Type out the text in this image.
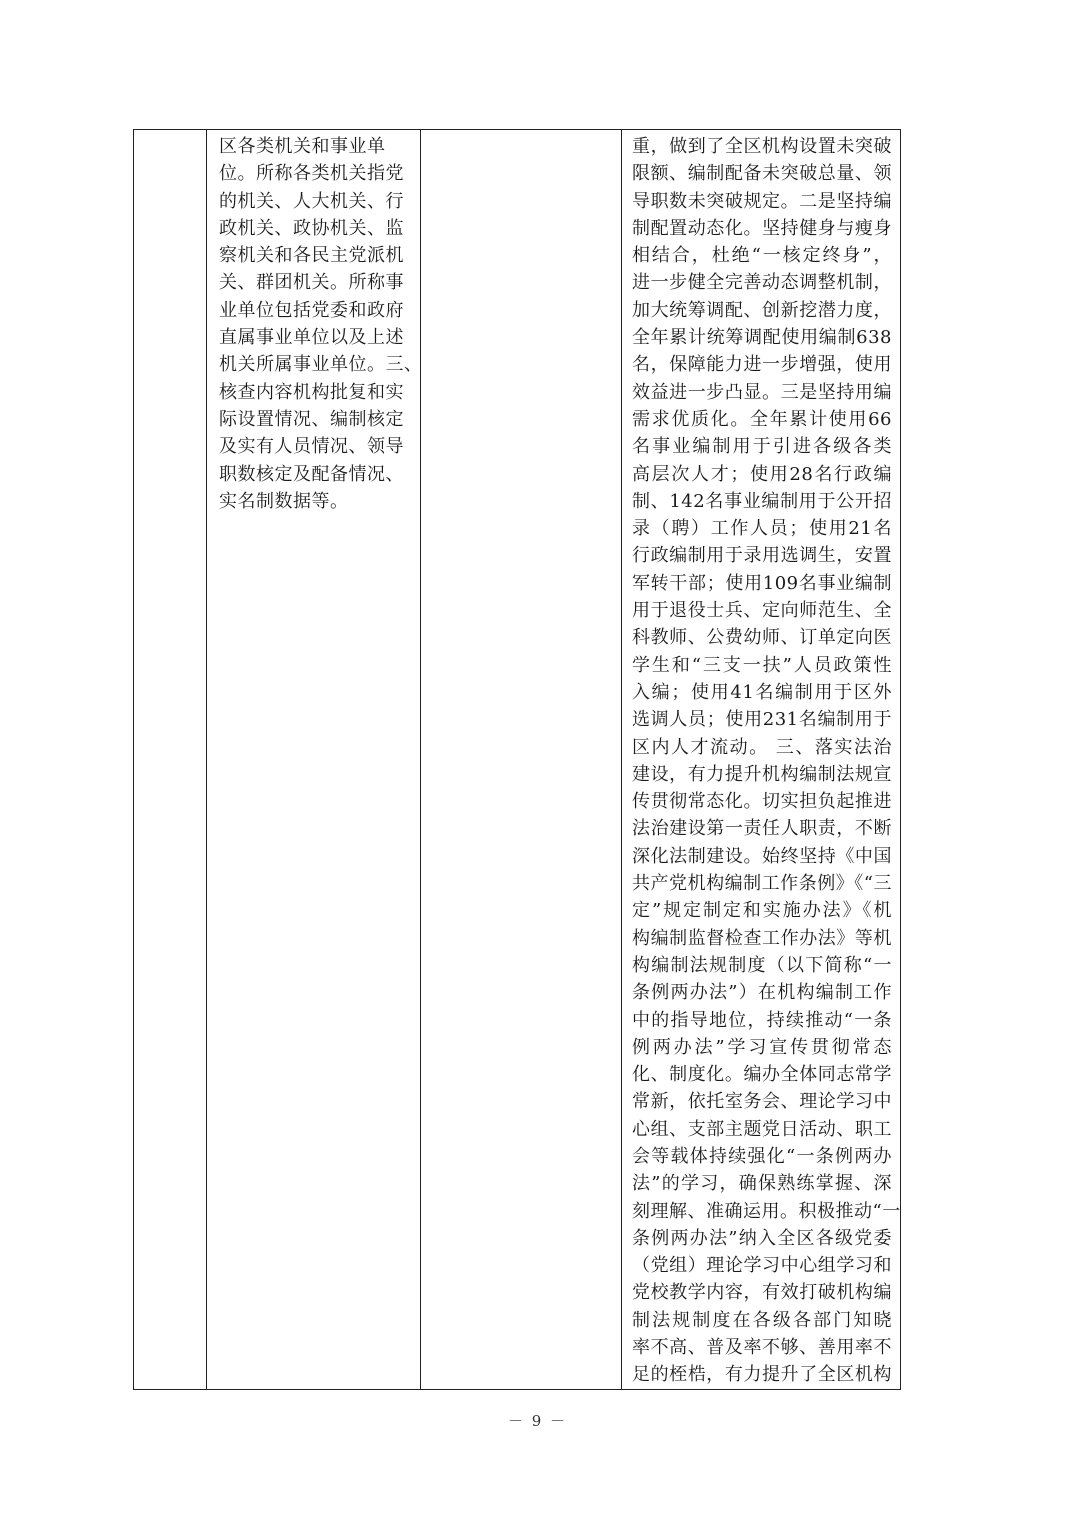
区各类机关和事业单
位。所称各类机关指党
的机关、人大机关、行
政机关、政协机关、监
察机关和各民主党派机
关、群团机关。所称事
业单位包括党委和政府
直属事业单位以及上述
机关所属事业单位。三、
核查内容机构批复和实
际设置情况、编制核定
及实有人员情况、领导
职数核定及配备情况、
实名制数据等。

重，做到了全区机构设置未突破
限额、编制配备未突破总量、领
导职数未突破规定。二是坚持编
制配置动态化。坚持健身与瘦身
相结合，杜绝“一核定终身”，
进一步健全完善动态调整机制，
加大统筹调配、创新挖潜力度，
全年累计统筹调配使用编制638
名，保障能力进一步增强，使用
效益进一步凸显。三是坚持用编
需求优质化。全年累计使用66
名事业编制用于引进各级各类
高层次人才；使用28名行政编
制、142名事业编制用于公开招
录（聘）工作人员；使用21名
行政编制用于录用选调生，安置
军转干部；使用109名事业编制
用于退役士兵、定向师范生、全
科教师、公费幼师、订单定向医
学生和“三支一扶”人员政策性
入编；使用41名编制用于区外
选调人员；使用231名编制用于
区内人才流动。 三、落实法治
建设，有力提升机构编制法规宣
传贯彻常态化。切实担负起推进
法治建设第一责任人职责，不断
深化法制建设。始终坚持《中国
共产党机构编制工作条例》《“三
定”规定制定和实施办法》《机
构编制监督检查工作办法》等机
构编制法规制度（以下简称“一
条例两办法”）在机构编制工作
中的指导地位，持续推动“一条
例两办法”学习宣传贯彻常态
化、制度化。编办全体同志常学
常新，依托室务会、理论学习中
心组、支部主题党日活动、职工
会等载体持续强化“一条例两办
法”的学习，确保熟练掌握、深
刻理解、准确运用。积极推动“一
条例两办法”纳入全区各级党委
（党组）理论学习中心组学习和
党校教学内容，有效打破机构编
制法规制度在各级各部门知晓
率不高、普及率不够、善用率不
足的桎梏，有力提升了全区机构
－ 9 －
